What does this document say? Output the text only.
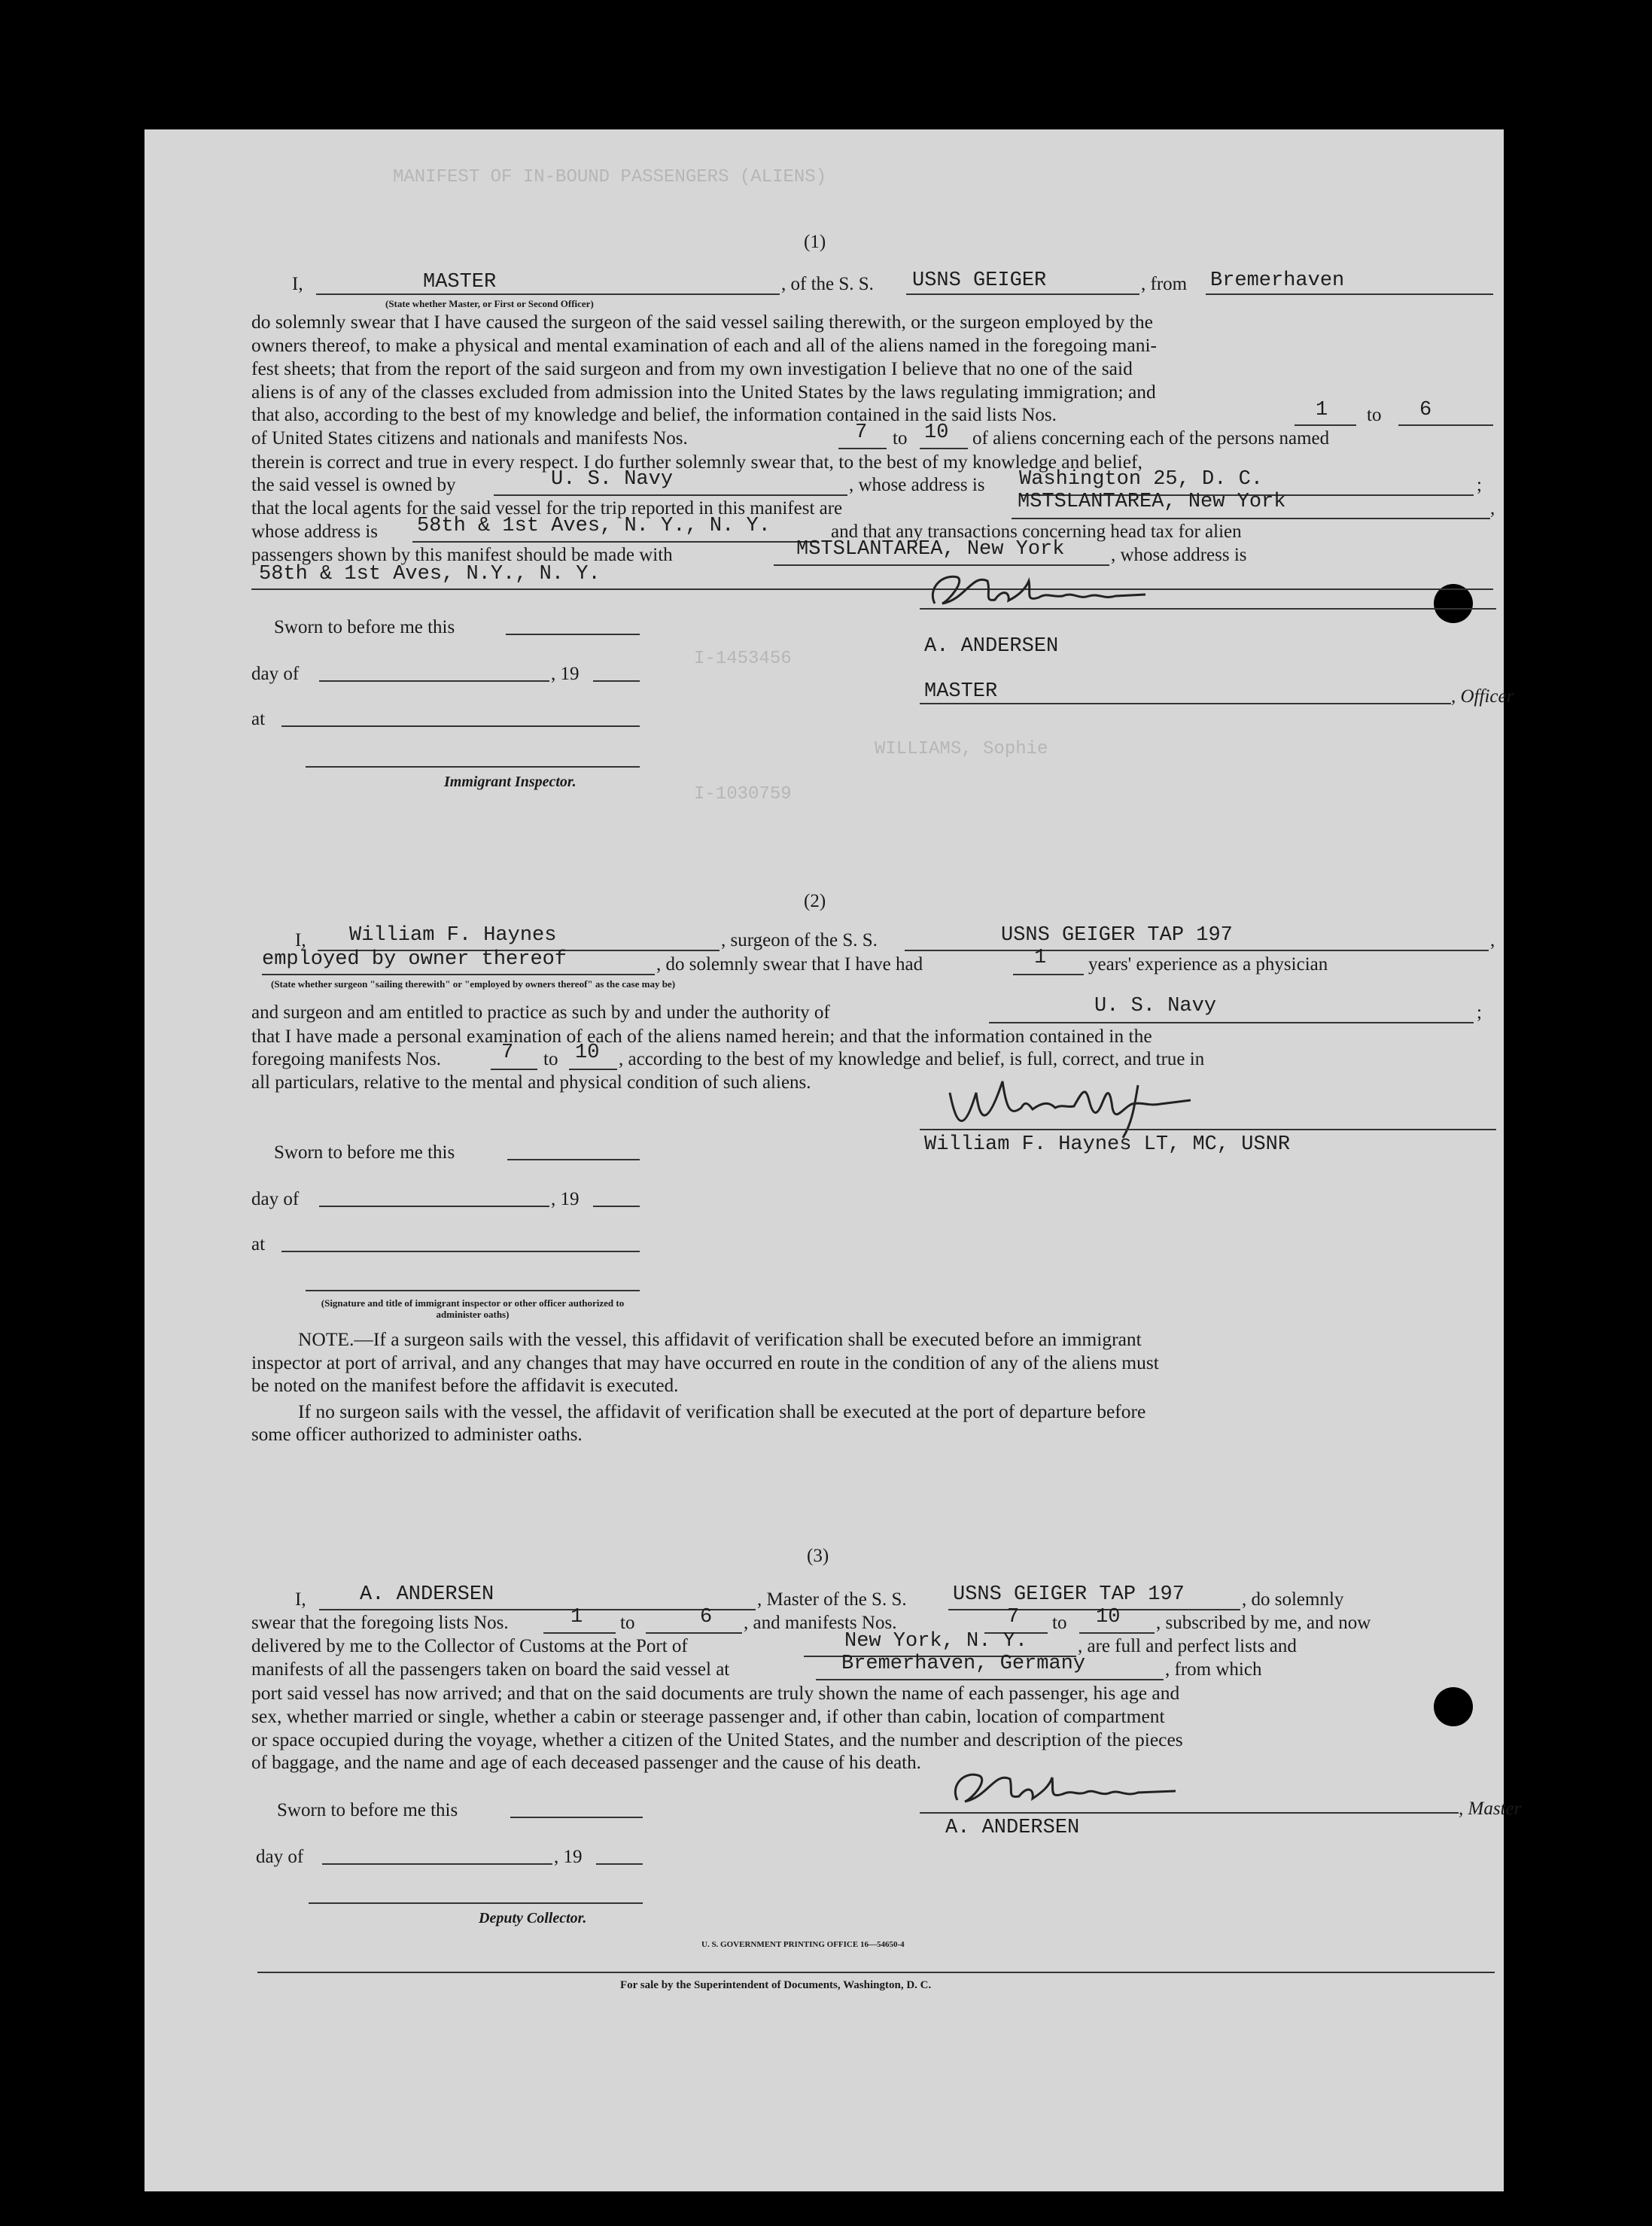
MANIFEST OF IN-BOUND PASSENGERS (ALIENS)
I-1453456
WILLIAMS, Sophie
I-1030759
(1)
I,	MASTER
(State whether Master, or First or Second Officer)
, of the S. S. USNS GEIGER	, from Bremerhaven
do solemnly swear that I have caused the surgeon of the said vessel sailing therewith, or the surgeon employed by the
owners thereof, to make a physical and mental examination of each and all of the aliens named in the foregoing mani-
fest sheets; that from the report of the said surgeon and from my own investigation I believe that no one of the said
aliens is of any of the classes excluded from admission into the United States by the laws regulating immigration; and
that also, according to the best of my knowledge and belief, the information contained in the said lists Nos.	1 to 6
of United States citizens and nationals and manifests Nos.	7 to 10 of aliens concerning each of the persons named
therein is correct and true in every respect. I do further solemnly swear that, to the best of my knowledge and belief,
the said vessel is owned by	U. S. Navy	, whose address is Washington 25, D. C.	;
that the local agents for the said vessel for the trip reported in this manifest are	MSTSLANTAREA, New York	,
whose address is 58th & 1st Aves, N. Y., N. Y.	and that any transactions concerning head tax for alien
passengers shown by this manifest should be made with	MSTSLANTAREA, New York , whose address is
58th & 1st Aves, N.Y., N. Y.
Sworn to before me this
day of	, 19
at
Immigrant Inspector.
A. ANDERSEN
MASTER	, Officer
(2)
I, William F. Haynes	, surgeon of the S. S.	USNS GEIGER TAP 197	,
employed by owner thereof	, do solemnly swear that I have had	1 years' experience as a physician
(State whether surgeon "sailing therewith" or "employed by owners thereof" as the case may be)
and surgeon and am entitled to practice as such by and under the authority of	U. S. Navy	;
that I have made a personal examination of each of the aliens named herein; and that the information contained in the
foregoing manifests Nos.	7 to 10 , according to the best of my knowledge and belief, is full, correct, and true in
all particulars, relative to the mental and physical condition of such aliens.
Sworn to before me this
day of	, 19
at
(Signature and title of immigrant inspector or other officer authorized to administer oaths)
William F. Haynes LT, MC, USNR
NOTE.—If a surgeon sails with the vessel, this affidavit of verification shall be executed before an immigrant
inspector at port of arrival, and any changes that may have occurred en route in the condition of any of the aliens must
be noted on the manifest before the affidavit is executed.
If no surgeon sails with the vessel, the affidavit of verification shall be executed at the port of departure before
some officer authorized to administer oaths.
(3)
I,	A. ANDERSEN	, Master of the S. S. USNS GEIGER TAP 197	, do solemnly
swear that the foregoing lists Nos.	1 to	6 , and manifests Nos.	7 to 10 , subscribed by me, and now
delivered by me to the Collector of Customs at the Port of	New York, N. Y.	, are full and perfect lists and
manifests of all the passengers taken on board the said vessel at	Bremerhaven, Germany	, from which
port said vessel has now arrived; and that on the said documents are truly shown the name of each passenger, his age and
sex, whether married or single, whether a cabin or steerage passenger and, if other than cabin, location of compartment
or space occupied during the voyage, whether a citizen of the United States, and the number and description of the pieces
of baggage, and the name and age of each deceased passenger and the cause of his death.
Sworn to before me this
day of	, 19
Deputy Collector.
, Master
A. ANDERSEN
U. S. GOVERNMENT PRINTING OFFICE 16—54650-4
For sale by the Superintendent of Documents, Washington, D. C.
